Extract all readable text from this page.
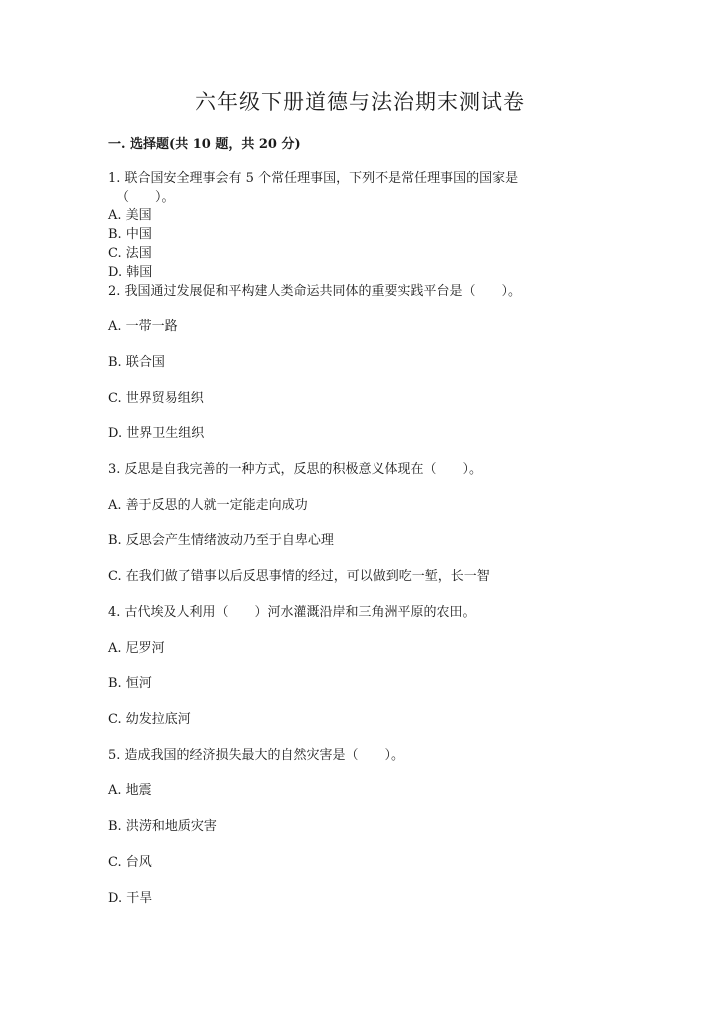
六年级下册道德与法治期末测试卷
一. 选择题(共 10 题，共 20 分)
1. 联合国安全理事会有 5 个常任理事国，下列不是常任理事国的国家是
（　　）。
A. 美国
B. 中国
C. 法国
D. 韩国
2. 我国通过发展促和平构建人类命运共同体的重要实践平台是（　　）。
A. 一带一路
B. 联合国
C. 世界贸易组织
D. 世界卫生组织
3. 反思是自我完善的一种方式，反思的积极意义体现在（　　）。
A. 善于反思的人就一定能走向成功
B. 反思会产生情绪波动乃至于自卑心理
C. 在我们做了错事以后反思事情的经过，可以做到吃一堑，长一智
4. 古代埃及人利用（　　）河水灌溉沿岸和三角洲平原的农田。
A. 尼罗河
B. 恒河
C. 幼发拉底河
5. 造成我国的经济损失最大的自然灾害是（　　）。
A. 地震
B. 洪涝和地质灾害
C. 台风
D. 干旱
